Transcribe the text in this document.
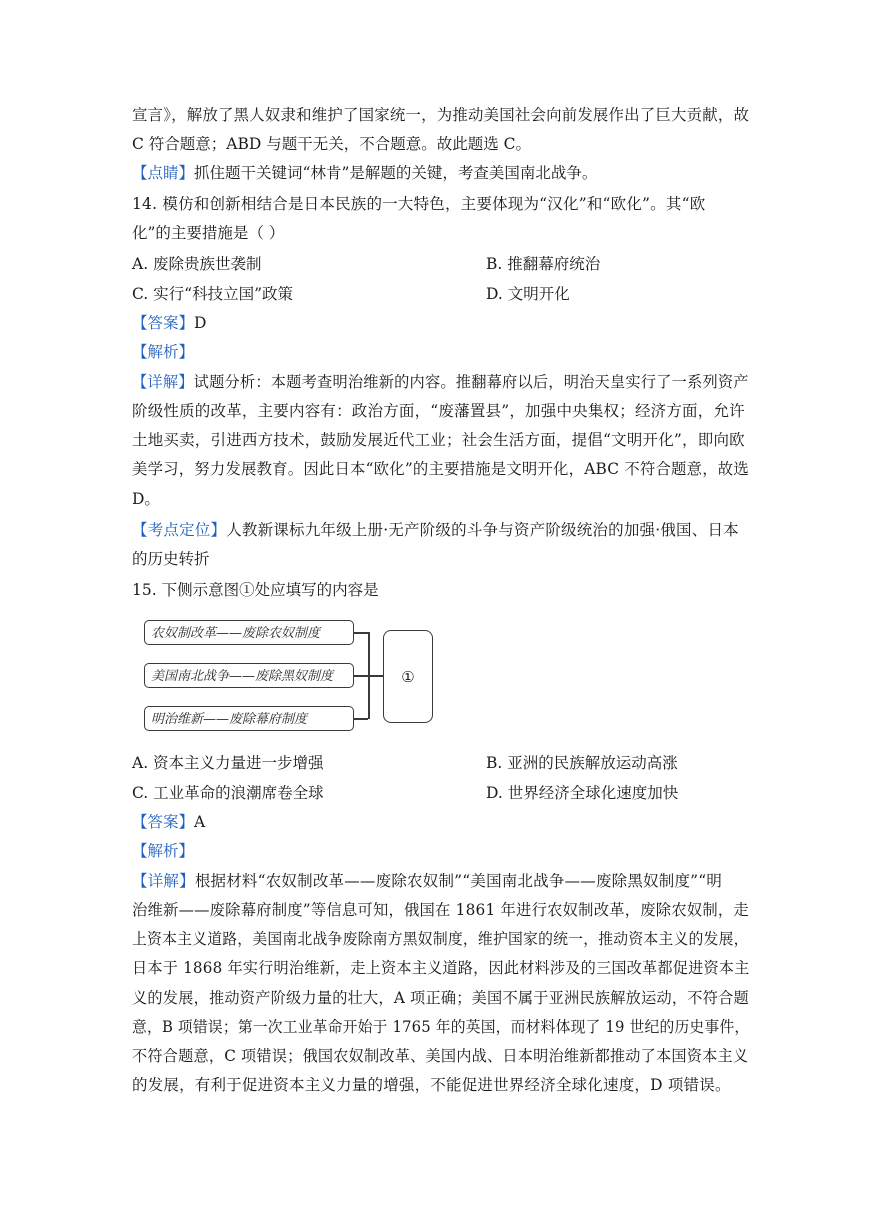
宣言》，解放了黑人奴隶和维护了国家统一，为推动美国社会向前发展作出了巨大贡献，故
C 符合题意；ABD 与题干无关，不合题意。故此题选 C。
【点睛】抓住题干关键词“林肯”是解题的关键，考查美国南北战争。
14. 模仿和创新相结合是日本民族的一大特色，主要体现为“汉化”和“欧化”。其“欧
化”的主要措施是（ ）
A. 废除贵族世袭制	B. 推翻幕府统治
C. 实行“科技立国”政策	D. 文明开化
【答案】D
【解析】
【详解】试题分析：本题考查明治维新的内容。推翻幕府以后，明治天皇实行了一系列资产
阶级性质的改革，主要内容有：政治方面，“废藩置县”，加强中央集权；经济方面，允许
土地买卖，引进西方技术，鼓励发展近代工业；社会生活方面，提倡“文明开化”，即向欧
美学习，努力发展教育。因此日本“欧化”的主要措施是文明开化，ABC 不符合题意，故选
D。
【考点定位】人教新课标九年级上册·无产阶级的斗争与资产阶级统治的加强·俄国、日本
的历史转折
15. 下侧示意图①处应填写的内容是
农奴制改革——废除农奴制度
美国南北战争——废除黑奴制度
明治维新——废除幕府制度
①
A. 资本主义力量进一步增强	B. 亚洲的民族解放运动高涨
C. 工业革命的浪潮席卷全球	D. 世界经济全球化速度加快
【答案】A
【解析】
【详解】根据材料“农奴制改革——废除农奴制”“美国南北战争——废除黑奴制度”“明
治维新——废除幕府制度”等信息可知，俄国在 1861 年进行农奴制改革，废除农奴制，走
上资本主义道路，美国南北战争废除南方黑奴制度，维护国家的统一，推动资本主义的发展，
日本于 1868 年实行明治维新，走上资本主义道路，因此材料涉及的三国改革都促进资本主
义的发展，推动资产阶级力量的壮大，A 项正确；美国不属于亚洲民族解放运动，不符合题
意，B 项错误；第一次工业革命开始于 1765 年的英国，而材料体现了 19 世纪的历史事件，
不符合题意，C 项错误；俄国农奴制改革、美国内战、日本明治维新都推动了本国资本主义
的发展，有利于促进资本主义力量的增强，不能促进世界经济全球化速度，D 项错误。
